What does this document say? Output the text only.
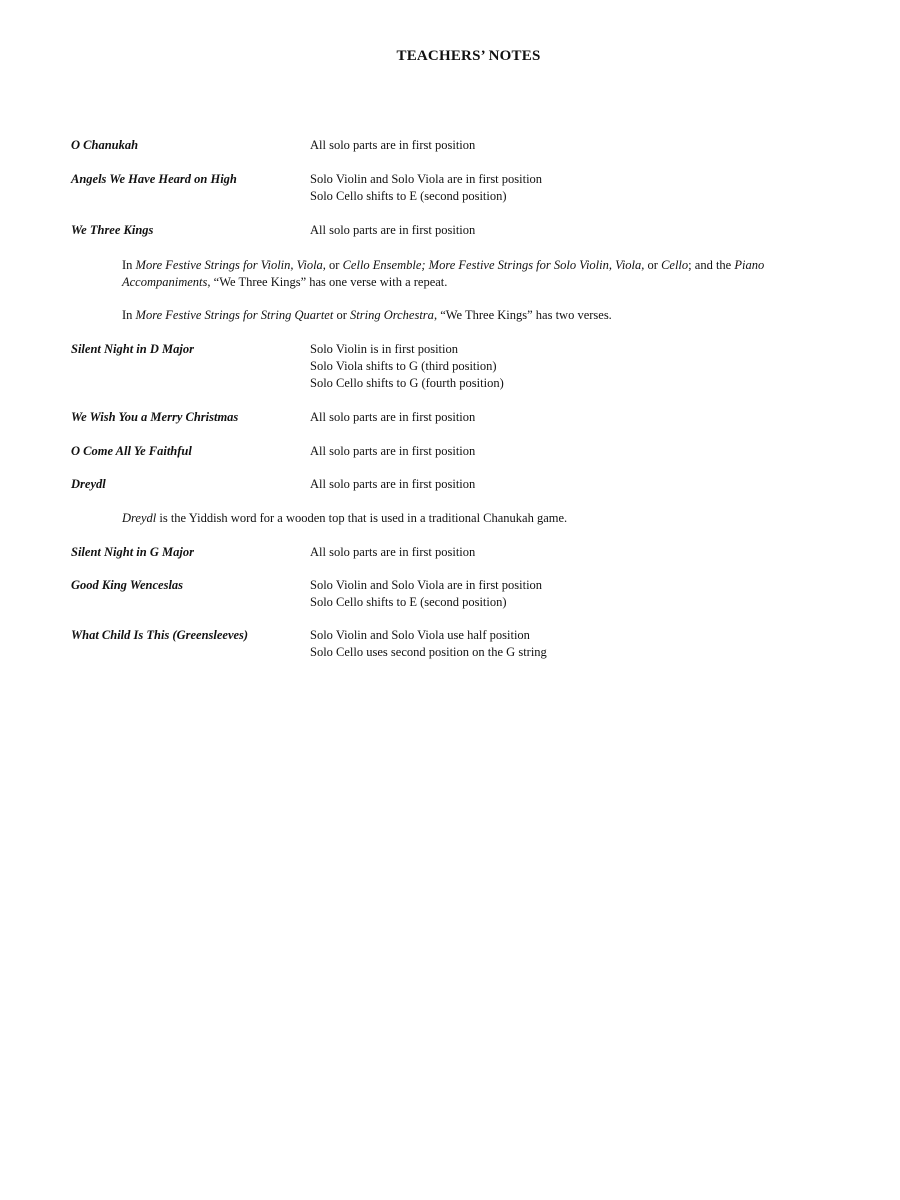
TEACHERS’ NOTES
O Chanukah	All solo parts are in first position
Angels We Have Heard on High	Solo Violin and Solo Viola are in first position
Solo Cello shifts to E (second position)
We Three Kings	All solo parts are in first position
In More Festive Strings for Violin, Viola, or Cello Ensemble; More Festive Strings for Solo Violin, Viola, or Cello; and the Piano Accompaniments, “We Three Kings” has one verse with a repeat.
In More Festive Strings for String Quartet or String Orchestra, “We Three Kings” has two verses.
Silent Night in D Major	Solo Violin is in first position
Solo Viola shifts to G (third position)
Solo Cello shifts to G (fourth position)
We Wish You a Merry Christmas	All solo parts are in first position
O Come All Ye Faithful	All solo parts are in first position
Dreydl	All solo parts are in first position
Dreydl is the Yiddish word for a wooden top that is used in a traditional Chanukah game.
Silent Night in G Major	All solo parts are in first position
Good King Wenceslas	Solo Violin and Solo Viola are in first position
Solo Cello shifts to E (second position)
What Child Is This (Greensleeves)	Solo Violin and Solo Viola use half position
Solo Cello uses second position on the G string
